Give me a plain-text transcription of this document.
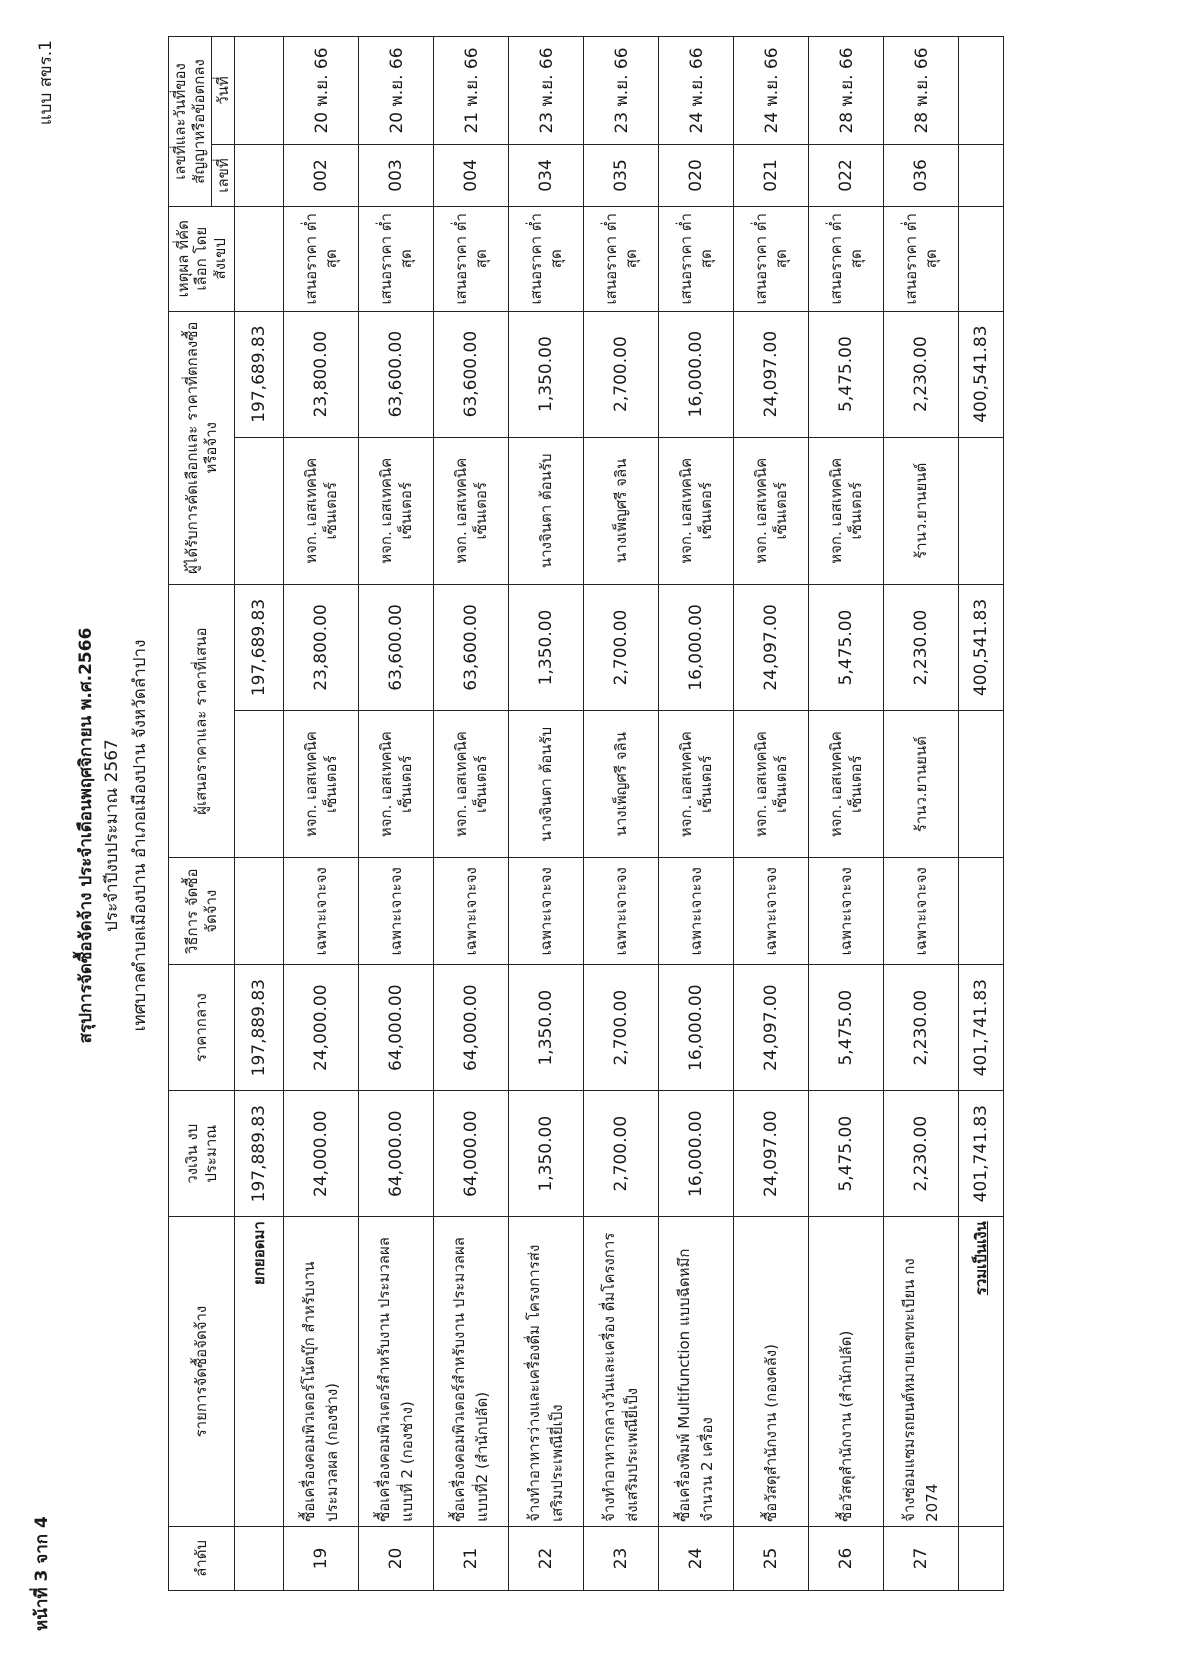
หน้าที่ 3 จาก 4
แบบ สขร.1
สรุปการจัดซื้อจัดจ้าง ประจำเดือนพฤศจิกายน พ.ศ.2566 ประจำปีงบประมาณ 2567 เทศบาลตำบลเมืองปาน อำเภอเมืองปาน จังหวัดลำปาง
ลำดับ	รายการจัดซื้อจัดจ้าง	วงเงิน งบประมาณ	ราคากลาง	วิธีการ จัดซื้อจัดจ้าง	ผู้เสนอราคาและ ราคาที่เสนอ		ผู้ได้รับการคัดเลือกและ ราคาที่ตกลงซื้อหรือจ้าง		เหตุผล ที่คัดเลือก โดยสังเขป	เลขที่และวันที่ของ สัญญาหรือข้อตกลง	
										เลขที่	วันที่
	ยกยอดมา	197,889.83	197,889.83			197,689.83		197,689.83			
19	ซื้อเครื่องคอมพิวเตอร์โน้ตบุ๊ก สำหรับงานประมวลผล (กองช่าง)	24,000.00	24,000.00	เฉพาะเจาะจง	หจก. เอสเทคนิค เซ็นเตอร์	23,800.00	หจก. เอสเทคนิค เซ็นเตอร์	23,800.00	เสนอราคา ต่ำสุด	002	20 พ.ย. 66
20	ซื้อเครื่องคอมพิวเตอร์สำหรับงาน ประมวลผล แบบที่ 2 (กองช่าง)	64,000.00	64,000.00	เฉพาะเจาะจง	หจก. เอสเทคนิค เซ็นเตอร์	63,600.00	หจก. เอสเทคนิค เซ็นเตอร์	63,600.00	เสนอราคา ต่ำสุด	003	20 พ.ย. 66
21	ซื้อเครื่องคอมพิวเตอร์สำหรับงาน ประมวลผล แบบที่2 (สำนักปลัด)	64,000.00	64,000.00	เฉพาะเจาะจง	หจก. เอสเทคนิค เซ็นเตอร์	63,600.00	หจก. เอสเทคนิค เซ็นเตอร์	63,600.00	เสนอราคา ต่ำสุด	004	21 พ.ย. 66
22	จ้างทำอาหารว่างและเครื่องดื่ม โครงการส่งเสริมประเพณียี่เป็ง	1,350.00	1,350.00	เฉพาะเจาะจง	นางจินตา ต้อนรับ	1,350.00	นางจินตา ต้อนรับ	1,350.00	เสนอราคา ต่ำสุด	034	23 พ.ย. 66
23	จ้างทำอาหารกลางวันและเครื่อง ดื่มโครงการส่งเสริมประเพณียี่เป็ง	2,700.00	2,700.00	เฉพาะเจาะจง	นางเพ็ญศรี จลิน	2,700.00	นางเพ็ญศรี จลิน	2,700.00	เสนอราคา ต่ำสุด	035	23 พ.ย. 66
24	ซื้อเครื่องพิมพ์ Multifunction แบบฉีดหมึก จำนวน 2 เครื่อง	16,000.00	16,000.00	เฉพาะเจาะจง	หจก. เอสเทคนิค เซ็นเตอร์	16,000.00	หจก. เอสเทคนิค เซ็นเตอร์	16,000.00	เสนอราคา ต่ำสุด	020	24 พ.ย. 66
25	ซื้อวัสดุสำนักงาน (กองคลัง)	24,097.00	24,097.00	เฉพาะเจาะจง	หจก. เอสเทคนิค เซ็นเตอร์	24,097.00	หจก. เอสเทคนิค เซ็นเตอร์	24,097.00	เสนอราคา ต่ำสุด	021	24 พ.ย. 66
26	ซื้อวัสดุสำนักงาน (สำนักปลัด)	5,475.00	5,475.00	เฉพาะเจาะจง	หจก. เอสเทคนิค เซ็นเตอร์	5,475.00	หจก. เอสเทคนิค เซ็นเตอร์	5,475.00	เสนอราคา ต่ำสุด	022	28 พ.ย. 66
27	จ้างซ่อมแซมรถยนต์หมายเลขทะเบียน กง 2074	2,230.00	2,230.00	เฉพาะเจาะจง	ร้านว.ยานยนต์	2,230.00	ร้านว.ยานยนต์	2,230.00	เสนอราคา ต่ำสุด	036	28 พ.ย. 66
	รวมเป็นเงิน	401,741.83	401,741.83			400,541.83		400,541.83			
